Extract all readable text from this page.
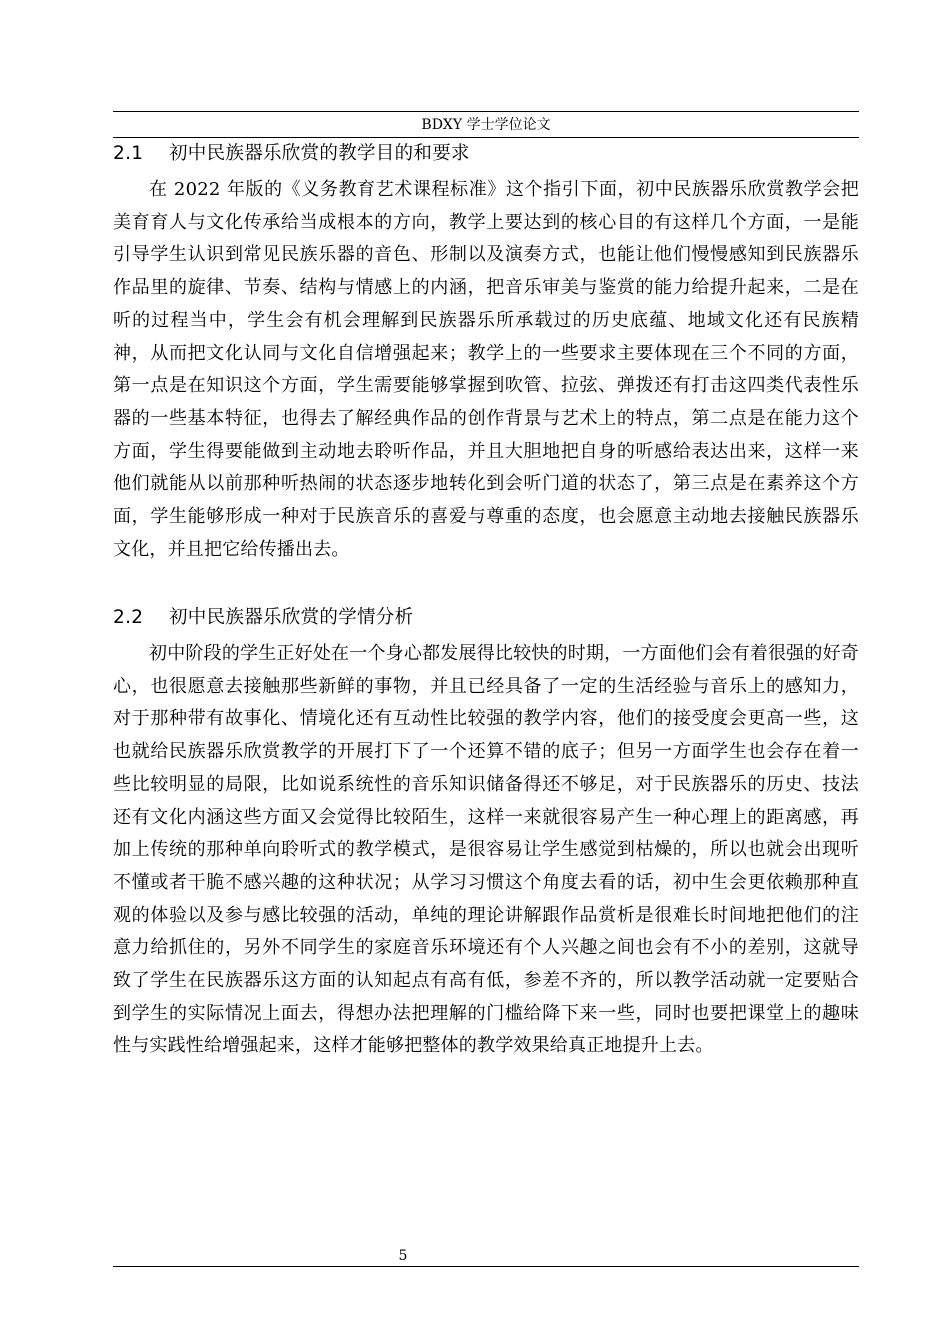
BDXY 学士学位论文
2.1 初中民族器乐欣赏的教学目的和要求

在 2022 年版的《义务教育艺术课程标准》这个指引下面，初中民族器乐欣赏教学会把美育育人与文化传承给当成根本的方向，教学上要达到的核心目的有这样几个方面，一是能引导学生认识到常见民族乐器的音色、形制以及演奏方式，也能让他们慢慢感知到民族器乐作品里的旋律、节奏、结构与情感上的内涵，把音乐审美与鉴赏的能力给提升起来，二是在听的过程当中，学生会有机会理解到民族器乐所承载过的历史底蕴、地域文化还有民族精神，从而把文化认同与文化自信增强起来；教学上的一些要求主要体现在三个不同的方面，第一点是在知识这个方面，学生需要能够掌握到吹管、拉弦、弹拨还有打击这四类代表性乐器的一些基本特征，也得去了解经典作品的创作背景与艺术上的特点，第二点是在能力这个方面，学生得要能做到主动地去聆听作品，并且大胆地把自身的听感给表达出来，这样一来他们就能从以前那种听热闹的状态逐步地转化到会听门道的状态了，第三点是在素养这个方面，学生能够形成一种对于民族音乐的喜爱与尊重的态度，也会愿意主动地去接触民族器乐文化，并且把它给传播出去。

2.2 初中民族器乐欣赏的学情分析

初中阶段的学生正好处在一个身心都发展得比较快的时期，一方面他们会有着很强的好奇心，也很愿意去接触那些新鲜的事物，并且已经具备了一定的生活经验与音乐上的感知力，对于那种带有故事化、情境化还有互动性比较强的教学内容，他们的接受度会更高一些，这也就给民族器乐欣赏教学的开展打下了一个还算不错的底子；但另一方面学生也会存在着一些比较明显的局限，比如说系统性的音乐知识储备得还不够足，对于民族器乐的历史、技法还有文化内涵这些方面又会觉得比较陌生，这样一来就很容易产生一种心理上的距离感，再加上传统的那种单向聆听式的教学模式，是很容易让学生感觉到枯燥的，所以也就会出现听不懂或者干脆不感兴趣的这种状况；从学习习惯这个角度去看的话，初中生会更依赖那种直观的体验以及参与感比较强的活动，单纯的理论讲解跟作品赏析是很难长时间地把他们的注意力给抓住的，另外不同学生的家庭音乐环境还有个人兴趣之间也会有不小的差别，这就导致了学生在民族器乐这方面的认知起点有高有低，参差不齐的，所以教学活动就一定要贴合到学生的实际情况上面去，得想办法把理解的门槛给降下来一些，同时也要把课堂上的趣味性与实践性给增强起来，这样才能够把整体的教学效果给真正地提升上去。

5
